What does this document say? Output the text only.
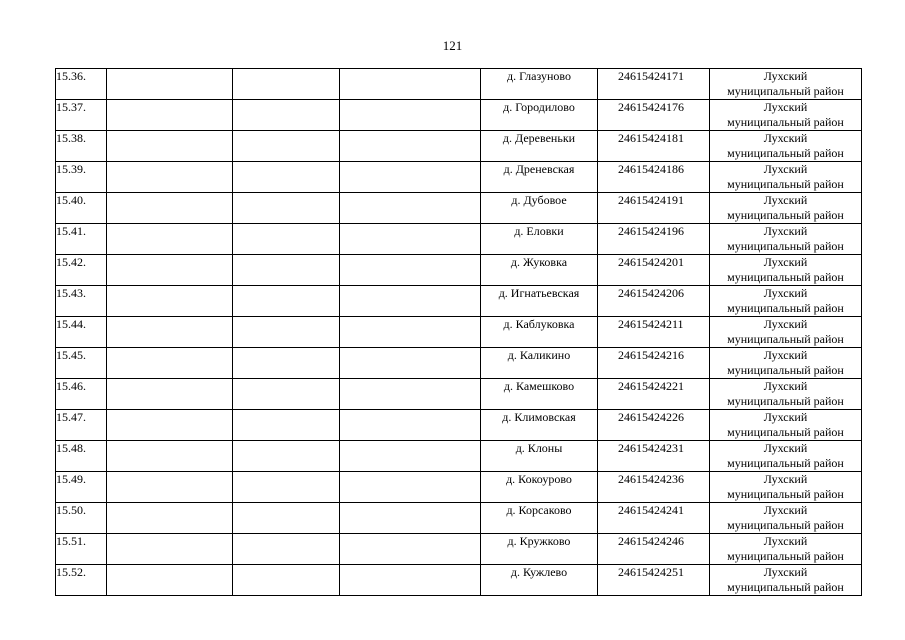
121
15.36.				д. Глазуново	24615424171	Лухский
муниципальный район

15.37.				д. Городилово	24615424176	Лухский
муниципальный район

15.38.				д. Деревеньки	24615424181	Лухский
муниципальный район

15.39.				д. Дреневская	24615424186	Лухский
муниципальный район

15.40.				д. Дубовое	24615424191	Лухский
муниципальный район

15.41.				д. Еловки	24615424196	Лухский
муниципальный район

15.42.				д. Жуковка	24615424201	Лухский
муниципальный район

15.43.				д. Игнатьевская	24615424206	Лухский
муниципальный район

15.44.				д. Каблуковка	24615424211	Лухский
муниципальный район

15.45.				д. Каликино	24615424216	Лухский
муниципальный район

15.46.				д. Камешково	24615424221	Лухский
муниципальный район

15.47.				д. Климовская	24615424226	Лухский
муниципальный район

15.48.				д. Клоны	24615424231	Лухский
муниципальный район

15.49.				д. Кокоурово	24615424236	Лухский
муниципальный район

15.50.				д. Корсаково	24615424241	Лухский
муниципальный район

15.51.				д. Кружково	24615424246	Лухский
муниципальный район

15.52.				д. Кужлево	24615424251	Лухский
муниципальный район
